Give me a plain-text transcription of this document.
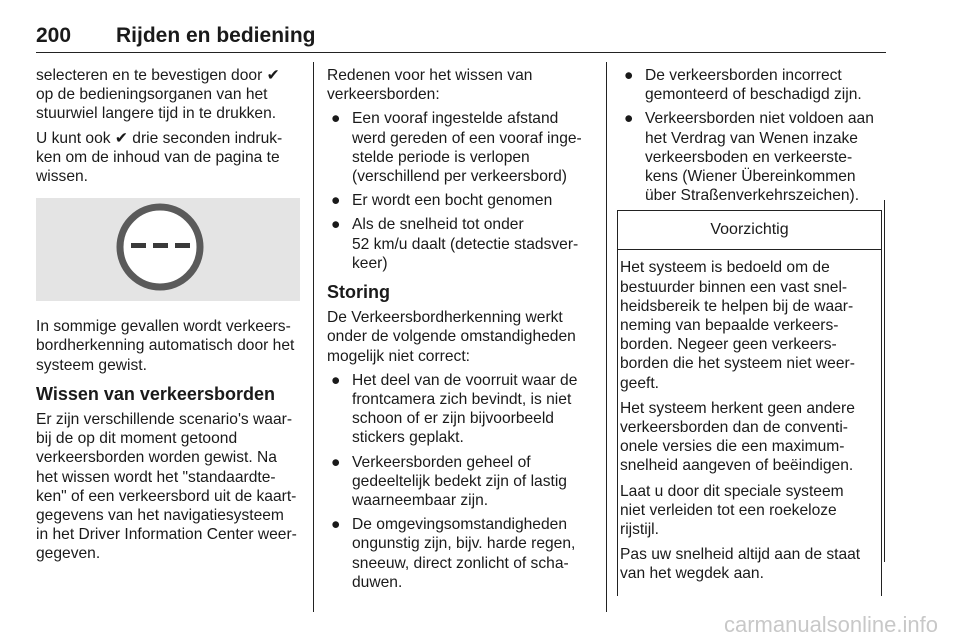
200 Rijden en bediening

selecteren en te bevestigen door ✔
op de bedieningsorganen van het
stuurwiel langere tijd in te drukken.

U kunt ook ✔ drie seconden indruk-
ken om de inhoud van de pagina te
wissen.

In sommige gevallen wordt verkeers-
bordherkenning automatisch door het
systeem gewist.

Wissen van verkeersborden

Er zijn verschillende scenario's waar-
bij de op dit moment getoond
verkeersborden worden gewist. Na
het wissen wordt het "standaardte-
ken" of een verkeersbord uit de kaart-
gegevens van het navigatiesysteem
in het Driver Information Center weer-
gegeven.

Redenen voor het wissen van
verkeersborden:

● Een vooraf ingestelde afstand
werd gereden of een vooraf inge-
stelde periode is verlopen
(verschillend per verkeersbord)
● Er wordt een bocht genomen
● Als de snelheid tot onder
52 km/u daalt (detectie stadsver-
keer)
Storing

De Verkeersbordherkenning werkt
onder de volgende omstandigheden
mogelijk niet correct:

● Het deel van de voorruit waar de
frontcamera zich bevindt, is niet
schoon of er zijn bijvoorbeeld
stickers geplakt.
● Verkeersborden geheel of
gedeeltelijk bedekt zijn of lastig
waarneembaar zijn.
● De omgevingsomstandigheden
ongunstig zijn, bijv. harde regen,
sneeuw, direct zonlicht of scha-
duwen.
● De verkeersborden incorrect
gemonteerd of beschadigd zijn.
● Verkeersborden niet voldoen aan
het Verdrag van Wenen inzake
verkeersboden en verkeerste-
kens (Wiener Übereinkommen
über Straßenverkehrszeichen).
Voorzichtig

Het systeem is bedoeld om de
bestuurder binnen een vast snel-
heidsbereik te helpen bij de waar-
neming van bepaalde verkeers-
borden. Negeer geen verkeers-
borden die het systeem niet weer-
geeft.

Het systeem herkent geen andere
verkeersborden dan de conventi-
onele versies die een maximum-
snelheid aangeven of beëindigen.

Laat u door dit speciale systeem
niet verleiden tot een roekeloze
rijstijl.

Pas uw snelheid altijd aan de staat
van het wegdek aan.

carmanualsonline.info
